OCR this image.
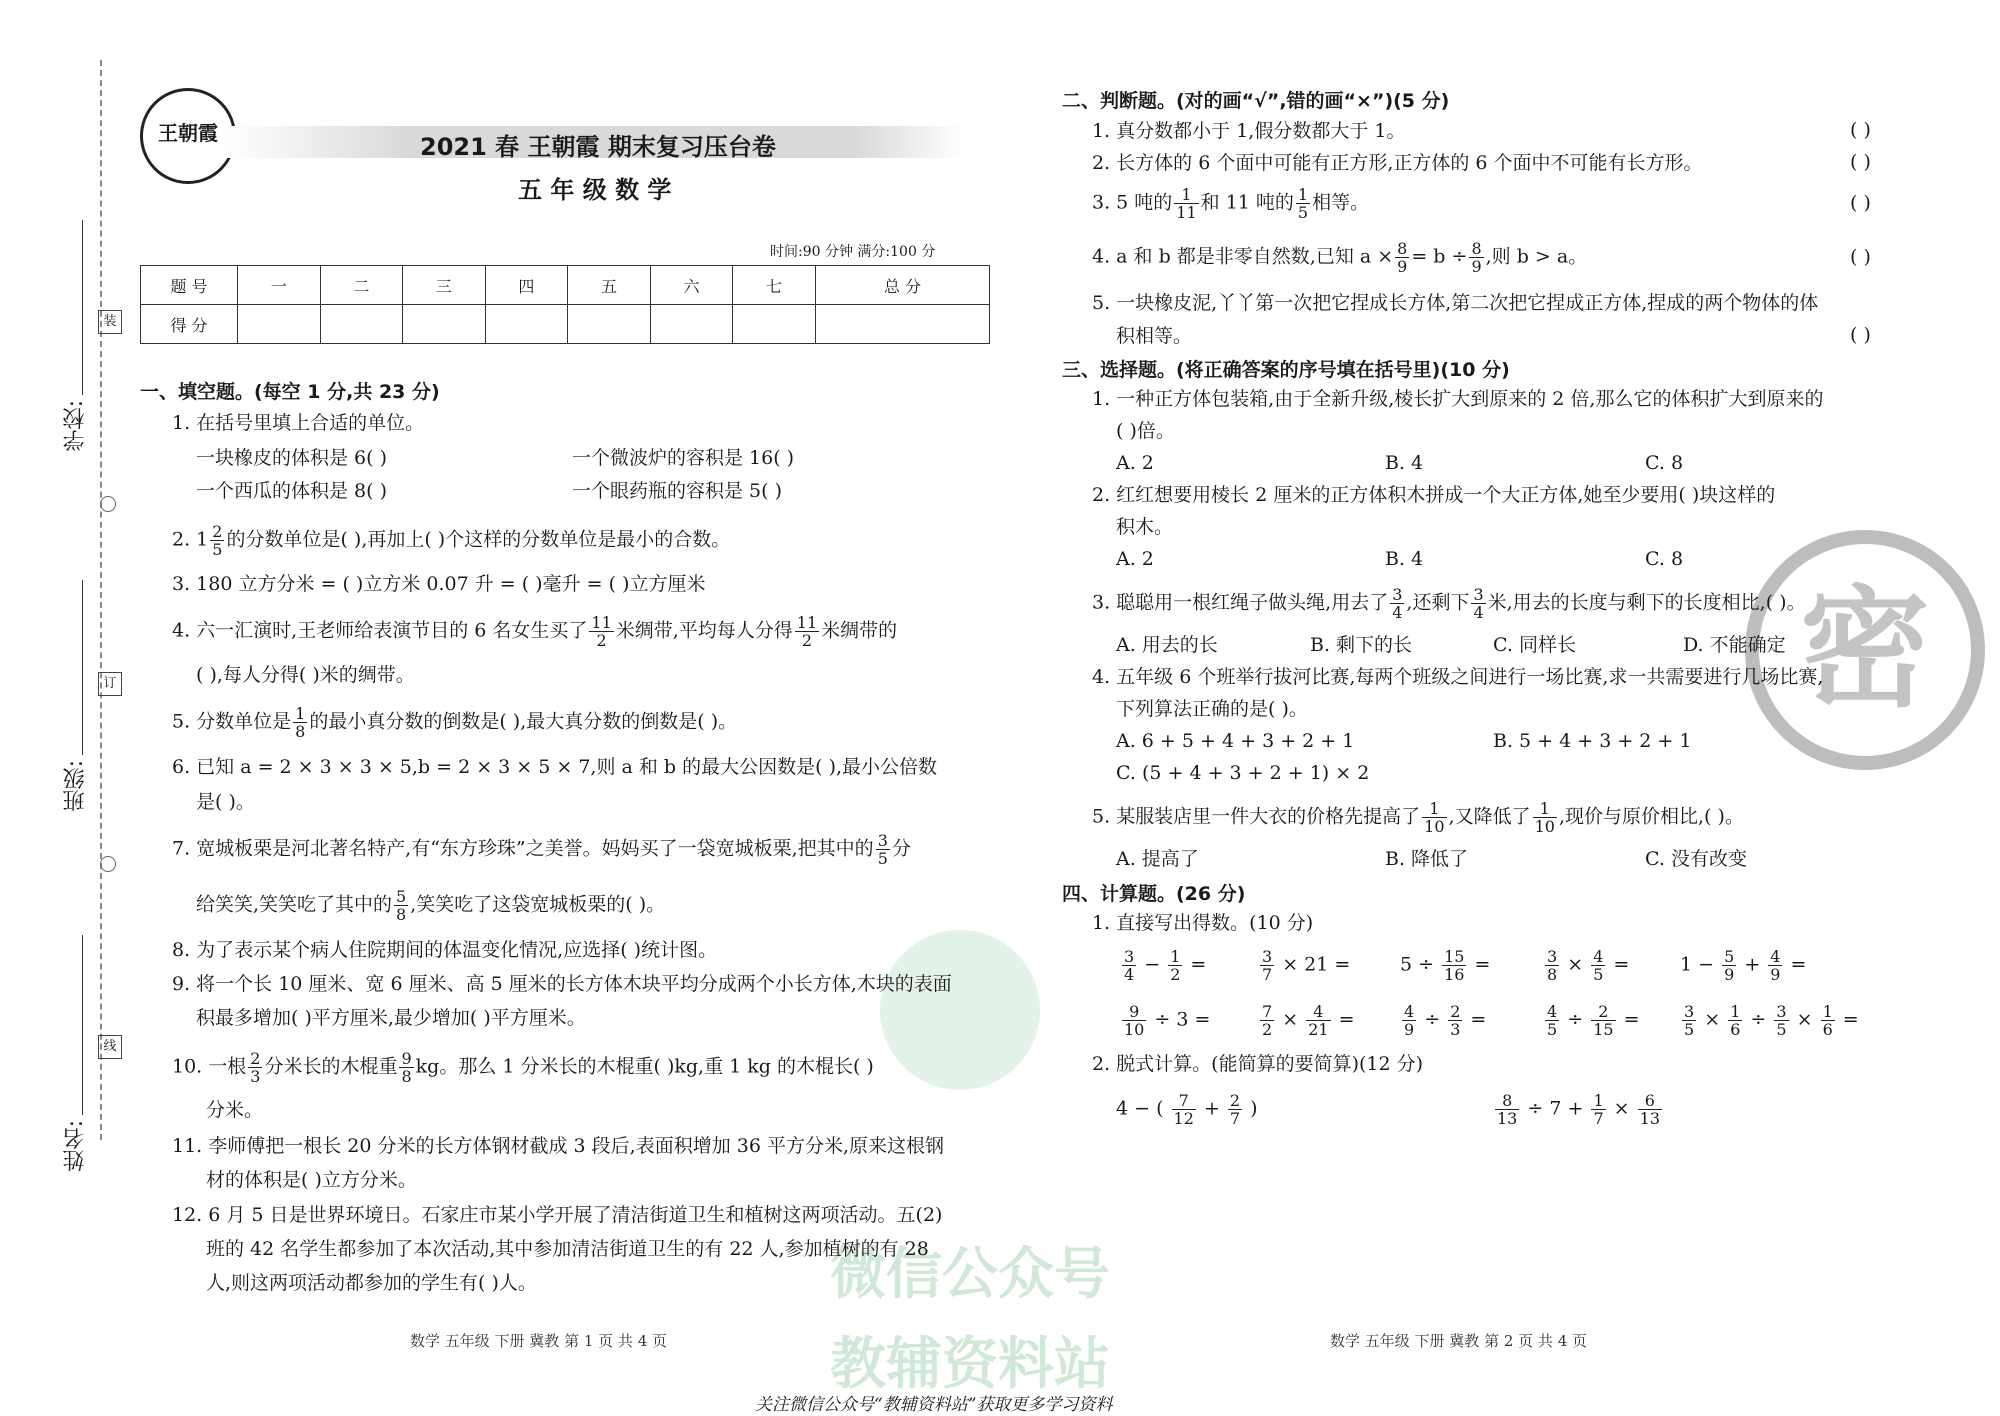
学校:
班级:
姓名:
装
订
线
王朝霞	2021 春 王朝霞 期末复习压台卷
五 年 级 数 学
时间:90 分钟 满分:100 分
题 号	一	二	三	四	五	六	七	总 分
得 分								
微信公众号
教辅资料站
密
一、填空题。(每空 1 分,共 23 分)
1. 在括号里填上合适的单位。
一块橡皮的体积是 6( )	一个微波炉的容积是 16( )
一个西瓜的体积是 8( )	一个眼药瓶的容积是 5( )
2. $1 \frac{2}{5}$ 的分数单位是( ),再加上( )个这样的分数单位是最小的合数。
3. 180 立方分米 = ( )立方米 0.07 升 = ( )毫升 = ( )立方厘米
4. 六一汇演时,王老师给表演节目的 6 名女生买了 $\frac{11}{2}$ 米绸带,平均每人分得 $\frac{11}{2}$ 米绸带的
( ),每人分得( )米的绸带。
5. 分数单位是 $\frac{1}{8}$ 的最小真分数的倒数是( ),最大真分数的倒数是( )。
6. 已知 a = 2 × 3 × 3 × 5,b = 2 × 3 × 5 × 7,则 a 和 b 的最大公因数是( ),最小公倍数
是( )。
7. 宽城板栗是河北著名特产,有“东方珍珠”之美誉。妈妈买了一袋宽城板栗,把其中的 $\frac{3}{5}$ 分
给笑笑,笑笑吃了其中的 $\frac{5}{8}$ ,笑笑吃了这袋宽城板栗的( )。
8. 为了表示某个病人住院期间的体温变化情况,应选择( )统计图。
9. 将一个长 10 厘米、宽 6 厘米、高 5 厘米的长方体木块平均分成两个小长方体,木块的表面
积最多增加( )平方厘米,最少增加( )平方厘米。
10. 一根 $\frac{2}{3}$ 分米长的木棍重 $\frac{9}{8}$ kg。那么 1 分米长的木棍重( )kg,重 1 kg 的木棍长( )
分米。
11. 李师傅把一根长 20 分米的长方体钢材截成 3 段后,表面积增加 36 平方分米,原来这根钢
材的体积是( )立方分米。
12. 6 月 5 日是世界环境日。石家庄市某小学开展了清洁街道卫生和植树这两项活动。五(2)
班的 42 名学生都参加了本次活动,其中参加清洁街道卫生的有 22 人,参加植树的有 28
人,则这两项活动都参加的学生有( )人。
数学 五年级 下册 冀教 第 1 页 共 4 页
二、判断题。(对的画“√”,错的画“×”)(5 分)
1. 真分数都小于 1,假分数都大于 1。	( )
2. 长方体的 6 个面中可能有正方形,正方体的 6 个面中不可能有长方形。	( )
3. 5 吨的 $\frac{1}{11}$ 和 11 吨的 $\frac{1}{5}$ 相等。	( )
4. a 和 b 都是非零自然数,已知 $a \times \frac{8}{9} = b \div \frac{8}{9}$ ,则 b > a。	( )
5. 一块橡皮泥,丫丫第一次把它捏成长方体,第二次把它捏成正方体,捏成的两个物体的体
积相等。	( )
三、选择题。(将正确答案的序号填在括号里)(10 分)
1. 一种正方体包装箱,由于全新升级,棱长扩大到原来的 2 倍,那么它的体积扩大到原来的
( )倍。
A. 2	B. 4	C. 8
2. 红红想要用棱长 2 厘米的正方体积木拼成一个大正方体,她至少要用( )块这样的
积木。
A. 2	B. 4	C. 8
3. 聪聪用一根红绳子做头绳,用去了 $\frac{3}{4}$ ,还剩下 $\frac{3}{4}$ 米,用去的长度与剩下的长度相比,( )。
A. 用去的长	B. 剩下的长	C. 同样长	D. 不能确定
4. 五年级 6 个班举行拔河比赛,每两个班级之间进行一场比赛,求一共需要进行几场比赛,
下列算法正确的是( )。
A. 6 + 5 + 4 + 3 + 2 + 1	B. 5 + 4 + 3 + 2 + 1
C. (5 + 4 + 3 + 2 + 1) × 2
5. 某服装店里一件大衣的价格先提高了 $\frac{1}{10}$ ,又降低了 $\frac{1}{10}$ ,现价与原价相比,( )。
A. 提高了	B. 降低了	C. 没有改变
四、计算题。(26 分)
1. 直接写出得数。(10 分)
$\frac{3}{4} - \frac{1}{2}$ =	$\frac{3}{7} \times 21$ =	$5 \div \frac{15}{16}$ =	$\frac{3}{8} \times \frac{4}{5}$ =	$1 - \frac{5}{9} + \frac{4}{9}$ =
$\frac{9}{10} \div 3$ =	$\frac{7}{2} \times \frac{4}{21}$ =	$\frac{4}{9} \div \frac{2}{3}$ =	$\frac{4}{5} \div \frac{2}{15}$ =	$\frac{3}{5} \times \frac{1}{6} \div \frac{3}{5} \times \frac{1}{6}$ =
2. 脱式计算。(能简算的要简算)(12 分)
4 − ( $\frac{7}{12} + \frac{2}{7}$ )	$\frac{8}{13} \div 7 + \frac{1}{7} \times \frac{6}{13}$
数学 五年级 下册 冀教 第 2 页 共 4 页
关注微信公众号“教辅资料站”获取更多学习资料
